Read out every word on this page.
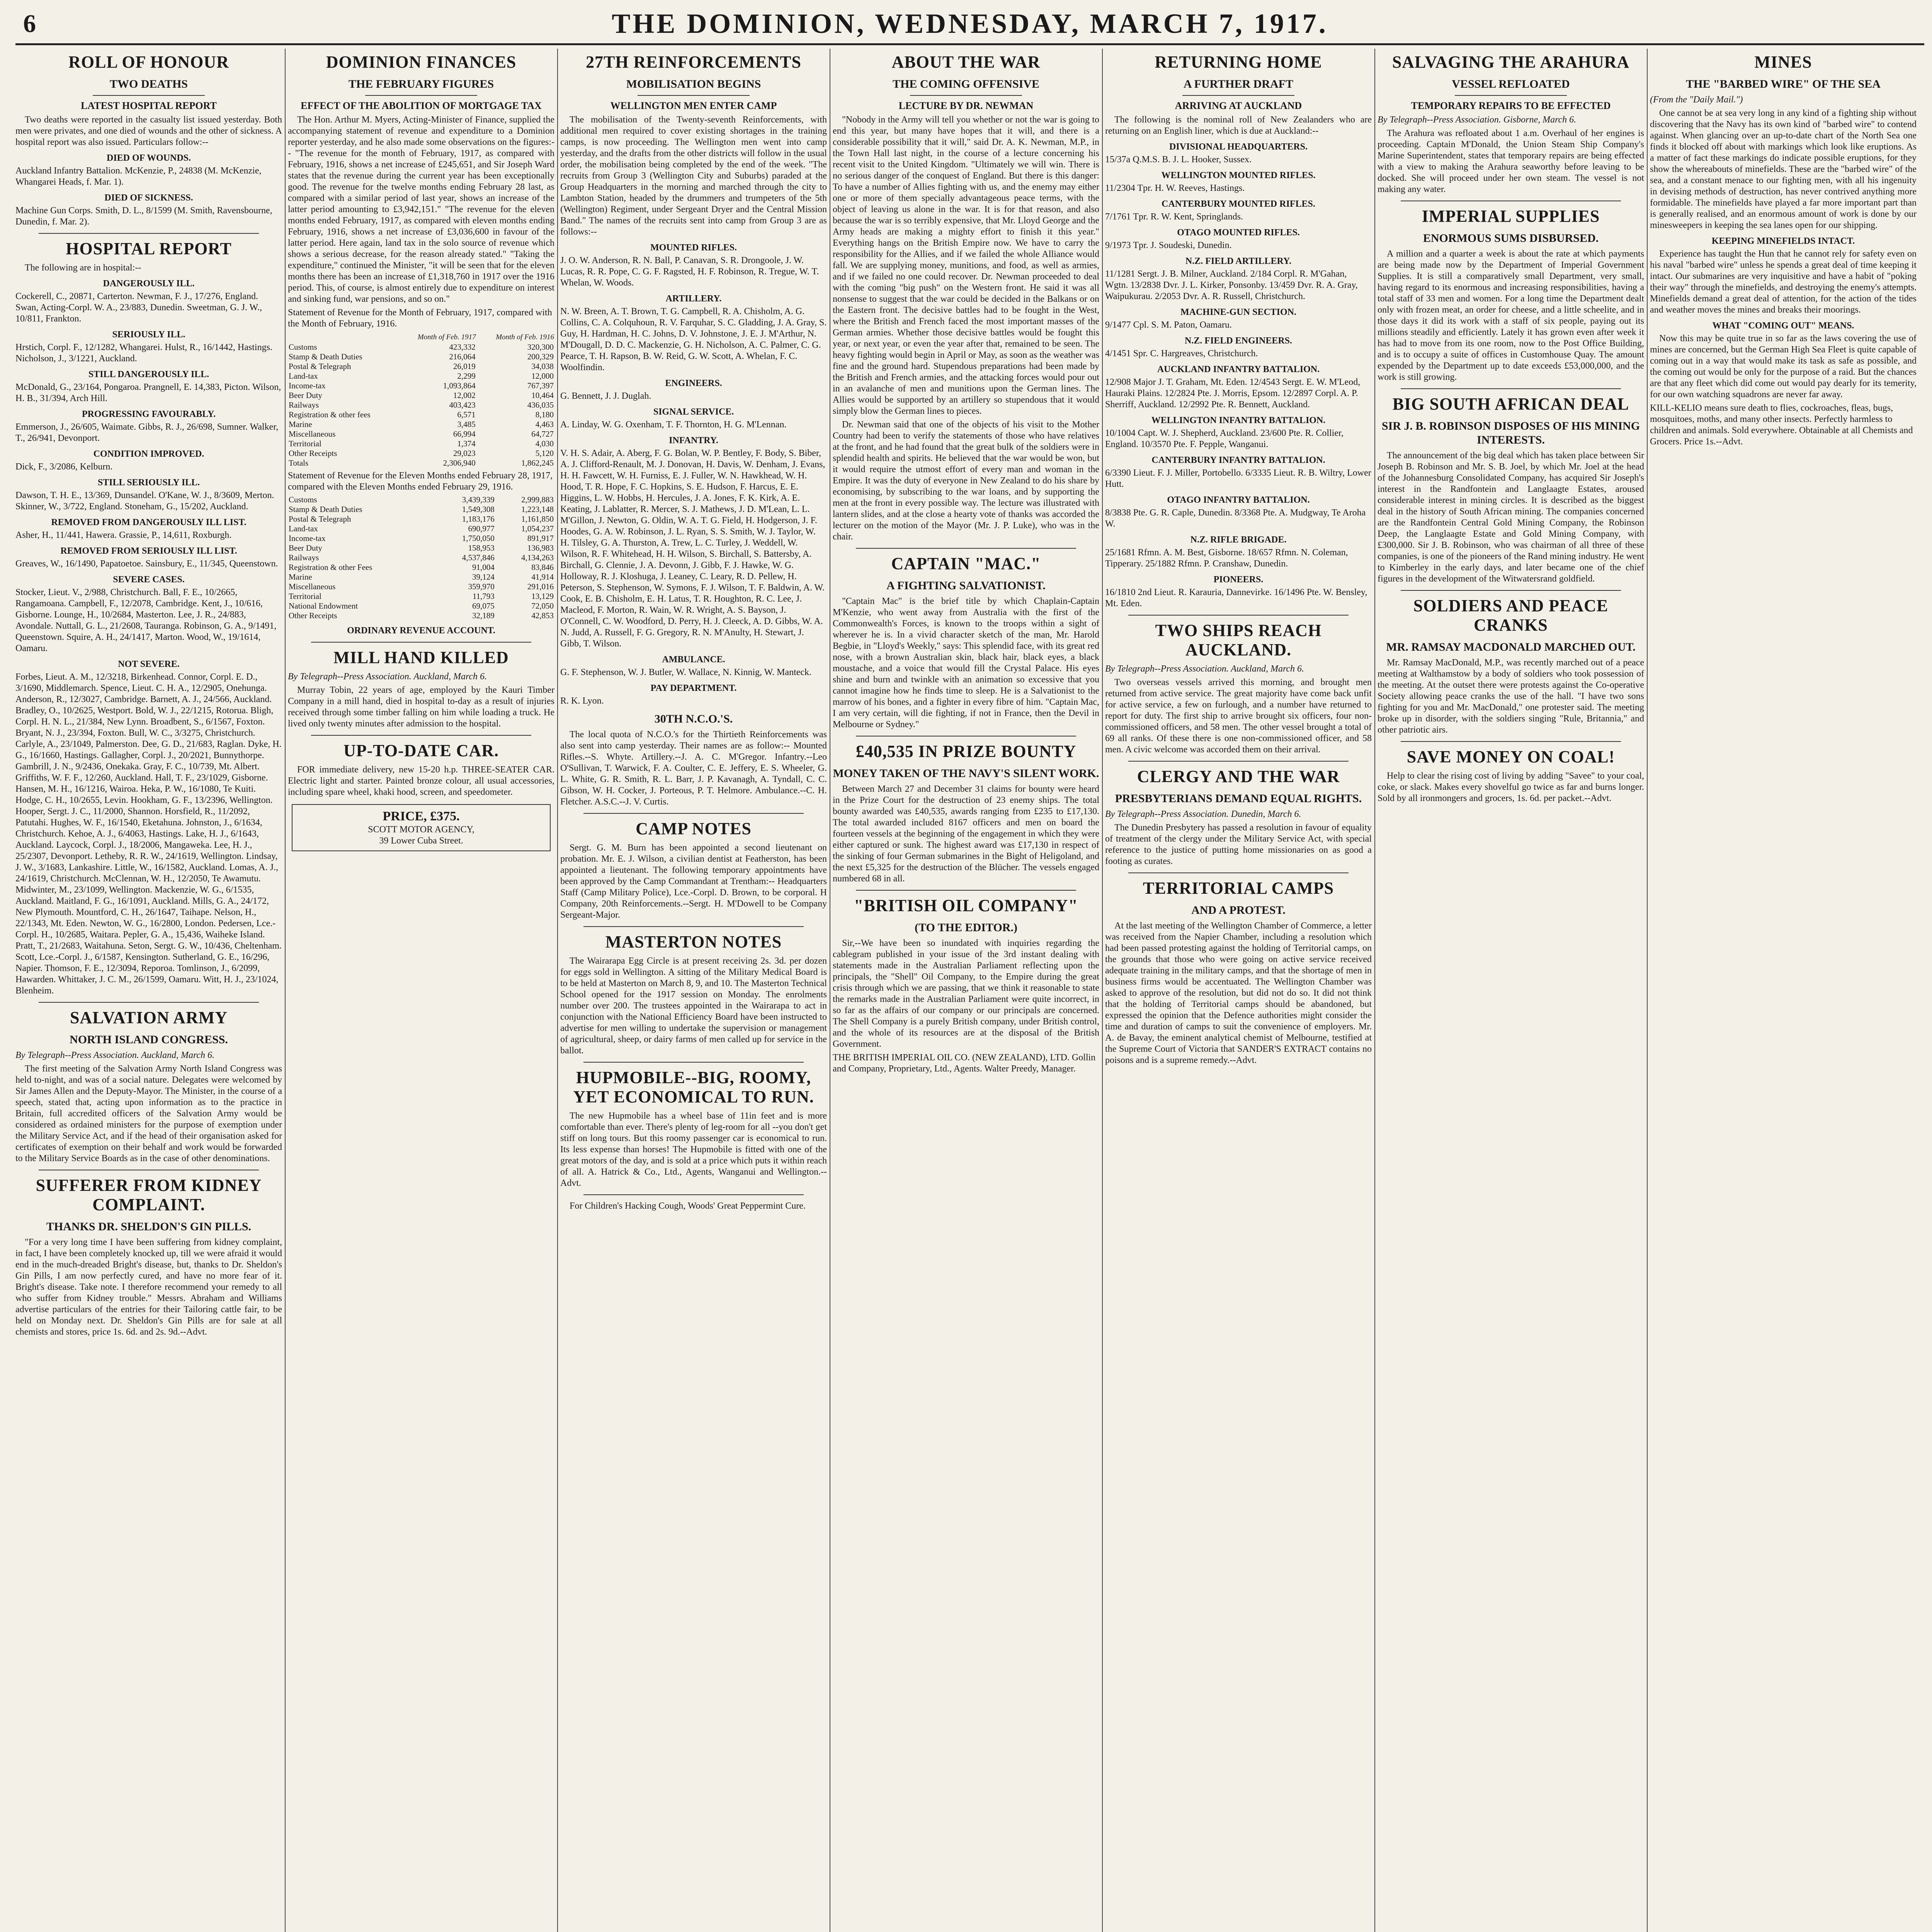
6	THE DOMINION, WEDNESDAY, MARCH 7, 1917.
ROLL OF HONOUR
TWO DEATHS
LATEST HOSPITAL REPORT

Two deaths were reported in the casualty list issued yesterday. Both men were privates, and one died of wounds and the other of sickness. A hospital report was also issued. Particulars follow:--

DIED OF WOUNDS.

Auckland Infantry Battalion. McKenzie, P., 24838 (M. McKenzie, Whangarei Heads, f. Mar. 1).

DIED OF SICKNESS.

Machine Gun Corps. Smith, D. L., 8/1599 (M. Smith, Ravensbourne, Dunedin, f. Mar. 2).

HOSPITAL REPORT

The following are in hospital:--

DANGEROUSLY ILL.

Cockerell, C., 20871, Carterton. Newman, F. J., 17/276, England. Swan, Acting-Corpl. W. A., 23/883, Dunedin. Sweetman, G. J. W., 10/811, Frankton.

SERIOUSLY ILL.

Hrstich, Corpl. F., 12/1282, Whangarei. Hulst, R., 16/1442, Hastings. Nicholson, J., 3/1221, Auckland.

STILL DANGEROUSLY ILL.

McDonald, G., 23/164, Pongaroa. Prangnell, E. 14,383, Picton. Wilson, H. B., 31/394, Arch Hill.

PROGRESSING FAVOURABLY.

Emmerson, J., 26/605, Waimate. Gibbs, R. J., 26/698, Sumner. Walker, T., 26/941, Devonport.

CONDITION IMPROVED.

Dick, F., 3/2086, Kelburn.

STILL SERIOUSLY ILL.

Dawson, T. H. E., 13/369, Dunsandel. O'Kane, W. J., 8/3609, Merton. Skinner, W., 3/722, England. Stoneham, G., 15/202, Auckland.

REMOVED FROM DANGEROUSLY ILL LIST.

Asher, H., 11/441, Hawera. Grassie, P., 14,611, Roxburgh.

REMOVED FROM SERIOUSLY ILL LIST.

Greaves, W., 16/1490, Papatoetoe. Sainsbury, E., 11/345, Queenstown.

SEVERE CASES.

Stocker, Lieut. V., 2/988, Christchurch. Ball, F. E., 10/2665, Rangamoana. Campbell, F., 12/2078, Cambridge. Kent, J., 10/616, Gisborne. Lounge, H., 10/2684, Masterton. Lee, J. R., 24/883, Avondale. Nuttall, G. L., 21/2608, Tauranga. Robinson, G. A., 9/1491, Queenstown. Squire, A. H., 24/1417, Marton. Wood, W., 19/1614, Oamaru.

NOT SEVERE.

Forbes, Lieut. A. M., 12/3218, Birkenhead. Connor, Corpl. E. D., 3/1690, Middlemarch. Spence, Lieut. C. H. A., 12/2905, Onehunga. Anderson, R., 12/3027, Cambridge. Barnett, A. J., 24/566, Auckland. Bradley, O., 10/2625, Westport. Bold, W. J., 22/1215, Rotorua. Bligh, Corpl. H. N. L., 21/384, New Lynn. Broadbent, S., 6/1567, Foxton. Bryant, N. J., 23/394, Foxton. Bull, W. C., 3/3275, Christchurch. Carlyle, A., 23/1049, Palmerston. Dee, G. D., 21/683, Raglan. Dyke, H. G., 16/1660, Hastings. Gallagher, Corpl. J., 20/2021, Bunnythorpe. Gambrill, J. N., 9/2436, Onekaka. Gray, F. C., 10/739, Mt. Albert. Griffiths, W. F. F., 12/260, Auckland. Hall, T. F., 23/1029, Gisborne. Hansen, M. H., 16/1216, Wairoa. Heka, P. W., 16/1080, Te Kuiti. Hodge, C. H., 10/2655, Levin. Hookham, G. F., 13/2396, Wellington. Hooper, Sergt. J. C., 11/2000, Shannon. Horsfield, R., 11/2092, Patutahi. Hughes, W. F., 16/1540, Eketahuna. Johnston, J., 6/1634, Christchurch. Kehoe, A. J., 6/4063, Hastings. Lake, H. J., 6/1643, Auckland. Laycock, Corpl. J., 18/2006, Mangaweka. Lee, H. J., 25/2307, Devonport. Letheby, R. R. W., 24/1619, Wellington. Lindsay, J. W., 3/1683, Lankashire. Little, W., 16/1582, Auckland. Lomas, A. J., 24/1619, Christchurch. McClennan, W. H., 12/2050, Te Awamutu. Midwinter, M., 23/1099, Wellington. Mackenzie, W. G., 6/1535, Auckland. Maitland, F. G., 16/1091, Auckland. Mills, G. A., 24/172, New Plymouth. Mountford, C. H., 26/1647, Taihape. Nelson, H., 22/1343, Mt. Eden. Newton, W. G., 16/2800, London. Pedersen, Lce.-Corpl. H., 10/2685, Waitara. Pepler, G. A., 15,436, Waiheke Island. Pratt, T., 21/2683, Waitahuna. Seton, Sergt. G. W., 10/436, Cheltenham. Scott, Lce.-Corpl. J., 6/1587, Kensington. Sutherland, G. E., 16/296, Napier. Thomson, F. E., 12/3094, Reporoa. Tomlinson, J., 6/2099, Hawarden. Whittaker, J. C. M., 26/1599, Oamaru. Witt, H. J., 23/1024, Blenheim.

SALVATION ARMY
NORTH ISLAND CONGRESS.

By Telegraph--Press Association. Auckland, March 6.

The first meeting of the Salvation Army North Island Congress was held to-night, and was of a social nature. Delegates were welcomed by Sir James Allen and the Deputy-Mayor. The Minister, in the course of a speech, stated that, acting upon information as to the practice in Britain, full accredited officers of the Salvation Army would be considered as ordained ministers for the purpose of exemption under the Military Service Act, and if the head of their organisation asked for certificates of exemption on their behalf and work would be forwarded to the Military Service Boards as in the case of other denominations.

SUFFERER FROM KIDNEY COMPLAINT.
THANKS DR. SHELDON'S GIN PILLS.

"For a very long time I have been suffering from kidney complaint, in fact, I have been completely knocked up, till we were afraid it would end in the much-dreaded Bright's disease, but, thanks to Dr. Sheldon's Gin Pills, I am now perfectly cured, and have no more fear of it. Bright's disease. Take note. I therefore recommend your remedy to all who suffer from Kidney trouble." Messrs. Abraham and Williams advertise particulars of the entries for their Tailoring cattle fair, to be held on Monday next. Dr. Sheldon's Gin Pills are for sale at all chemists and stores, price 1s. 6d. and 2s. 9d.--Advt.

DOMINION FINANCES
THE FEBRUARY FIGURES
EFFECT OF THE ABOLITION OF MORTGAGE TAX

The Hon. Arthur M. Myers, Acting-Minister of Finance, supplied the accompanying statement of revenue and expenditure to a Dominion reporter yesterday, and he also made some observations on the figures:-- "The revenue for the month of February, 1917, as compared with February, 1916, shows a net increase of £245,651, and Sir Joseph Ward states that the revenue during the current year has been exceptionally good. The revenue for the twelve months ending February 28 last, as compared with a similar period of last year, shows an increase of the latter period amounting to £3,942,151." "The revenue for the eleven months ended February, 1917, as compared with eleven months ending February, 1916, shows a net increase of £3,036,600 in favour of the latter period. Here again, land tax in the solo source of revenue which shows a serious decrease, for the reason already stated." "Taking the expenditure," continued the Minister, "it will be seen that for the eleven months there has been an increase of £1,318,760 in 1917 over the 1916 period. This, of course, is almost entirely due to expenditure on interest and sinking fund, war pensions, and so on."

Statement of Revenue for the Month of February, 1917, compared with the Month of February, 1916.

	Month of Feb. 1917	Month of Feb. 1916
Customs	423,332	320,300
Stamp & Death Duties	216,064	200,329
Postal & Telegraph	26,019	34,038
Land-tax	2,299	12,000
Income-tax	1,093,864	767,397
Beer Duty	12,002	10,464
Railways	403,423	436,035
Registration & other fees	6,571	8,180
Marine	3,485	4,463
Miscellaneous	66,994	64,727
Territorial	1,374	4,030
Other Receipts	29,023	5,120
Totals	2,306,940	1,862,245

Statement of Revenue for the Eleven Months ended February 28, 1917, compared with the Eleven Months ended February 29, 1916.

Customs	3,439,339	2,999,883
Stamp & Death Duties	1,549,308	1,223,148
Postal & Telegraph	1,183,176	1,161,850
Land-tax	690,977	1,054,237
Income-tax	1,750,050	891,917
Beer Duty	158,953	136,983
Railways	4,537,846	4,134,263
Registration & other Fees	91,004	83,846
Marine	39,124	41,914
Miscellaneous	359,970	291,016
Territorial	11,793	13,129
National Endowment	69,075	72,050
Other Receipts	32,189	42,853
ORDINARY REVENUE ACCOUNT.
MILL HAND KILLED

By Telegraph--Press Association. Auckland, March 6.

Murray Tobin, 22 years of age, employed by the Kauri Timber Company in a mill hand, died in hospital to-day as a result of injuries received through some timber falling on him while loading a truck. He lived only twenty minutes after admission to the hospital.

UP-TO-DATE CAR.

FOR immediate delivery, new 15-20 h.p. THREE-SEATER CAR. Electric light and starter. Painted bronze colour, all usual accessories, including spare wheel, khaki hood, screen, and speedometer.

PRICE, £375.
SCOTT MOTOR AGENCY,
39 Lower Cuba Street.
27TH REINFORCEMENTS
MOBILISATION BEGINS
WELLINGTON MEN ENTER CAMP

The mobilisation of the Twenty-seventh Reinforcements, with additional men required to cover existing shortages in the training camps, is now proceeding. The Wellington men went into camp yesterday, and the drafts from the other districts will follow in the usual order, the mobilisation being completed by the end of the week. "The recruits from Group 3 (Wellington City and Suburbs) paraded at the Group Headquarters in the morning and marched through the city to Lambton Station, headed by the drummers and trumpeters of the 5th (Wellington) Regiment, under Sergeant Dryer and the Central Mission Band." The names of the recruits sent into camp from Group 3 are as follows:--

MOUNTED RIFLES.

J. O. W. Anderson, R. N. Ball, P. Canavan, S. R. Drongoole, J. W. Lucas, R. R. Pope, C. G. F. Ragsted, H. F. Robinson, R. Tregue, W. T. Whelan, W. Woods.

ARTILLERY.

N. W. Breen, A. T. Brown, T. G. Campbell, R. A. Chisholm, A. G. Collins, C. A. Colquhoun, R. V. Farquhar, S. C. Gladding, J. A. Gray, S. Guy, H. Hardman, H. C. Johns, D. V. Johnstone, J. E. J. M'Arthur, N. M'Dougall, D. D. C. Mackenzie, G. H. Nicholson, A. C. Palmer, C. G. Pearce, T. H. Rapson, B. W. Reid, G. W. Scott, A. Whelan, F. C. Woolfindin.

ENGINEERS.

G. Bennett, J. J. Duglah.

SIGNAL SERVICE.

A. Linday, W. G. Oxenham, T. F. Thornton, H. G. M'Lennan.

INFANTRY.

V. H. S. Adair, A. Aberg, F. G. Bolan, W. P. Bentley, F. Body, S. Biber, A. J. Clifford-Renault, M. J. Donovan, H. Davis, W. Denham, J. Evans, H. H. Fawcett, W. H. Furniss, E. J. Fuller, W. N. Hawkhead, W. H. Hood, T. R. Hope, F. C. Hopkins, S. E. Hudson, F. Harcus, E. E. Higgins, L. W. Hobbs, H. Hercules, J. A. Jones, F. K. Kirk, A. E. Keating, J. Lablatter, R. Mercer, S. J. Mathews, J. D. M'Lean, L. L. M'Gillon, J. Newton, G. Oldin, W. A. T. G. Field, H. Hodgerson, J. F. Hoodes, G. A. W. Robinson, J. L. Ryan, S. S. Smith, W. J. Taylor, W. H. Tilsley, G. A. Thurston, A. Trew, L. C. Turley, J. Weddell, W. Wilson, R. F. Whitehead, H. H. Wilson, S. Birchall, S. Battersby, A. Birchall, G. Clennie, J. A. Devonn, J. Gibb, F. J. Hawke, W. G. Holloway, R. J. Kloshuga, J. Leaney, C. Leary, R. D. Pellew, H. Peterson, S. Stephenson, W. Symons, F. J. Wilson, T. F. Baldwin, A. W. Cook, E. B. Chisholm, E. H. Latus, T. R. Houghton, R. C. Lee, J. Macleod, F. Morton, R. Wain, W. R. Wright, A. S. Bayson, J. O'Connell, C. W. Woodford, D. Perry, H. J. Cleeck, A. D. Gibbs, W. A. N. Judd, A. Russell, F. G. Gregory, R. N. M'Anulty, H. Stewart, J. Gibb, T. Wilson.

AMBULANCE.

G. F. Stephenson, W. J. Butler, W. Wallace, N. Kinnig, W. Manteck.

PAY DEPARTMENT.

R. K. Lyon.

30TH N.C.O.'S.

The local quota of N.C.O.'s for the Thirtieth Reinforcements was also sent into camp yesterday. Their names are as follow:-- Mounted Rifles.--S. Whyte. Artillery.--J. A. C. M'Gregor. Infantry.--Leo O'Sullivan, T. Warwick, F. A. Coulter, C. E. Jeffery, E. S. Wheeler, G. L. White, G. R. Smith, R. L. Barr, J. P. Kavanagh, A. Tyndall, C. C. Gibson, W. H. Cocker, J. Porteous, P. T. Helmore. Ambulance.--C. H. Fletcher. A.S.C.--J. V. Curtis.

CAMP NOTES

Sergt. G. M. Burn has been appointed a second lieutenant on probation. Mr. E. J. Wilson, a civilian dentist at Featherston, has been appointed a lieutenant. The following temporary appointments have been approved by the Camp Commandant at Trentham:-- Headquarters Staff (Camp Military Police), Lce.-Corpl. D. Brown, to be corporal. H Company, 20th Reinforcements.--Sergt. H. M'Dowell to be Company Sergeant-Major.

MASTERTON NOTES

The Wairarapa Egg Circle is at present receiving 2s. 3d. per dozen for eggs sold in Wellington. A sitting of the Military Medical Board is to be held at Masterton on March 8, 9, and 10. The Masterton Technical School opened for the 1917 session on Monday. The enrolments number over 200. The trustees appointed in the Wairarapa to act in conjunction with the National Efficiency Board have been instructed to advertise for men willing to undertake the supervision or management of agricultural, sheep, or dairy farms of men called up for service in the ballot.

HUPMOBILE--BIG, ROOMY, YET ECONOMICAL TO RUN.

The new Hupmobile has a wheel base of 11in feet and is more comfortable than ever. There's plenty of leg-room for all --you don't get stiff on long tours. But this roomy passenger car is economical to run. Its less expense than horses! The Hupmobile is fitted with one of the great motors of the day, and is sold at a price which puts it within reach of all. A. Hatrick & Co., Ltd., Agents, Wanganui and Wellington.--Advt.

For Children's Hacking Cough, Woods' Great Peppermint Cure.

ABOUT THE WAR
THE COMING OFFENSIVE
LECTURE BY DR. NEWMAN

"Nobody in the Army will tell you whether or not the war is going to end this year, but many have hopes that it will, and there is a considerable possibility that it will," said Dr. A. K. Newman, M.P., in the Town Hall last night, in the course of a lecture concerning his recent visit to the United Kingdom. "Ultimately we will win. There is no serious danger of the conquest of England. But there is this danger: To have a number of Allies fighting with us, and the enemy may either one or more of them specially advantageous peace terms, with the object of leaving us alone in the war. It is for that reason, and also because the war is so terribly expensive, that Mr. Lloyd George and the Army heads are making a mighty effort to finish it this year." Everything hangs on the British Empire now. We have to carry the responsibility for the Allies, and if we failed the whole Alliance would fall. We are supplying money, munitions, and food, as well as armies, and if we failed no one could recover. Dr. Newman proceeded to deal with the coming "big push" on the Western front. He said it was all nonsense to suggest that the war could be decided in the Balkans or on the Eastern front. The decisive battles had to be fought in the West, where the British and French faced the most important masses of the German armies. Whether those decisive battles would be fought this year, or next year, or even the year after that, remained to be seen. The heavy fighting would begin in April or May, as soon as the weather was fine and the ground hard. Stupendous preparations had been made by the British and French armies, and the attacking forces would pour out in an avalanche of men and munitions upon the German lines. The Allies would be supported by an artillery so stupendous that it would simply blow the German lines to pieces.

Dr. Newman said that one of the objects of his visit to the Mother Country had been to verify the statements of those who have relatives at the front, and he had found that the great bulk of the soldiers were in splendid health and spirits. He believed that the war would be won, but it would require the utmost effort of every man and woman in the Empire. It was the duty of everyone in New Zealand to do his share by economising, by subscribing to the war loans, and by supporting the men at the front in every possible way. The lecture was illustrated with lantern slides, and at the close a hearty vote of thanks was accorded the lecturer on the motion of the Mayor (Mr. J. P. Luke), who was in the chair.

CAPTAIN "MAC."
A FIGHTING SALVATIONIST.

"Captain Mac" is the brief title by which Chaplain-Captain M'Kenzie, who went away from Australia with the first of the Commonwealth's Forces, is known to the troops within a sight of wherever he is. In a vivid character sketch of the man, Mr. Harold Begbie, in "Lloyd's Weekly," says: This splendid face, with its great red nose, with a brown Australian skin, black hair, black eyes, a black moustache, and a voice that would fill the Crystal Palace. His eyes shine and burn and twinkle with an animation so excessive that you cannot imagine how he finds time to sleep. He is a Salvationist to the marrow of his bones, and a fighter in every fibre of him. "Captain Mac, I am very certain, will die fighting, if not in France, then the Devil in Melbourne or Sydney."

£40,535 IN PRIZE BOUNTY
MONEY TAKEN OF THE NAVY'S SILENT WORK.

Between March 27 and December 31 claims for bounty were heard in the Prize Court for the destruction of 23 enemy ships. The total bounty awarded was £40,535, awards ranging from £235 to £17,130. The total awarded included 8167 officers and men on board the fourteen vessels at the beginning of the engagement in which they were either captured or sunk. The highest award was £17,130 in respect of the sinking of four German submarines in the Bight of Heligoland, and the next £5,325 for the destruction of the Blücher. The vessels engaged numbered 68 in all.

"BRITISH OIL COMPANY"
(TO THE EDITOR.)

Sir,--We have been so inundated with inquiries regarding the cablegram published in your issue of the 3rd instant dealing with statements made in the Australian Parliament reflecting upon the principals, the "Shell" Oil Company, to the Empire during the great crisis through which we are passing, that we think it reasonable to state the remarks made in the Australian Parliament were quite incorrect, in so far as the affairs of our company or our principals are concerned. The Shell Company is a purely British company, under British control, and the whole of its resources are at the disposal of the British Government.

THE BRITISH IMPERIAL OIL CO. (NEW ZEALAND), LTD. Gollin and Company, Proprietary, Ltd., Agents. Walter Preedy, Manager.

RETURNING HOME
A FURTHER DRAFT
ARRIVING AT AUCKLAND

The following is the nominal roll of New Zealanders who are returning on an English liner, which is due at Auckland:--

DIVISIONAL HEADQUARTERS.

15/37a Q.M.S. B. J. L. Hooker, Sussex.

WELLINGTON MOUNTED RIFLES.

11/2304 Tpr. H. W. Reeves, Hastings.

CANTERBURY MOUNTED RIFLES.

7/1761 Tpr. R. W. Kent, Springlands.

OTAGO MOUNTED RIFLES.

9/1973 Tpr. J. Soudeski, Dunedin.

N.Z. FIELD ARTILLERY.

11/1281 Sergt. J. B. Milner, Auckland. 2/184 Corpl. R. M'Gahan, Wgtn. 13/2838 Dvr. J. L. Kirker, Ponsonby. 13/459 Dvr. R. A. Gray, Waipukurau. 2/2053 Dvr. A. R. Russell, Christchurch.

MACHINE-GUN SECTION.

9/1477 Cpl. S. M. Paton, Oamaru.

N.Z. FIELD ENGINEERS.

4/1451 Spr. C. Hargreaves, Christchurch.

AUCKLAND INFANTRY BATTALION.

12/908 Major J. T. Graham, Mt. Eden. 12/4543 Sergt. E. W. M'Leod, Hauraki Plains. 12/2824 Pte. J. Morris, Epsom. 12/2897 Corpl. A. P. Sherriff, Auckland. 12/2992 Pte. R. Bennett, Auckland.

WELLINGTON INFANTRY BATTALION.

10/1004 Capt. W. J. Shepherd, Auckland. 23/600 Pte. R. Collier, England. 10/3570 Pte. F. Pepple, Wanganui.

CANTERBURY INFANTRY BATTALION.

6/3390 Lieut. F. J. Miller, Portobello. 6/3335 Lieut. R. B. Wiltry, Lower Hutt.

OTAGO INFANTRY BATTALION.

8/3838 Pte. G. R. Caple, Dunedin. 8/3368 Pte. A. Mudgway, Te Aroha W.

N.Z. RIFLE BRIGADE.

25/1681 Rfmn. A. M. Best, Gisborne. 18/657 Rfmn. N. Coleman, Tipperary. 25/1882 Rfmn. P. Cranshaw, Dunedin.

PIONEERS.

16/1810 2nd Lieut. R. Karauria, Dannevirke. 16/1496 Pte. W. Bensley, Mt. Eden.

TWO SHIPS REACH AUCKLAND.

By Telegraph--Press Association. Auckland, March 6.

Two overseas vessels arrived this morning, and brought men returned from active service. The great majority have come back unfit for active service, a few on furlough, and a number have returned to report for duty. The first ship to arrive brought six officers, four non-commissioned officers, and 58 men. The other vessel brought a total of 69 all ranks. Of these there is one non-commissioned officer, and 58 men. A civic welcome was accorded them on their arrival.

CLERGY AND THE WAR
PRESBYTERIANS DEMAND EQUAL RIGHTS.

By Telegraph--Press Association. Dunedin, March 6.

The Dunedin Presbytery has passed a resolution in favour of equality of treatment of the clergy under the Military Service Act, with special reference to the justice of putting home missionaries on as good a footing as curates.

TERRITORIAL CAMPS
AND A PROTEST.

At the last meeting of the Wellington Chamber of Commerce, a letter was received from the Napier Chamber, including a resolution which had been passed protesting against the holding of Territorial camps, on the grounds that those who were going on active service received adequate training in the military camps, and that the shortage of men in business firms would be accentuated. The Wellington Chamber was asked to approve of the resolution, but did not do so. It did not think that the holding of Territorial camps should be abandoned, but expressed the opinion that the Defence authorities might consider the time and duration of camps to suit the convenience of employers. Mr. A. de Bavay, the eminent analytical chemist of Melbourne, testified at the Supreme Court of Victoria that SANDER'S EXTRACT contains no poisons and is a supreme remedy.--Advt.

SALVAGING THE ARAHURA
VESSEL REFLOATED
TEMPORARY REPAIRS TO BE EFFECTED

By Telegraph--Press Association. Gisborne, March 6.

The Arahura was refloated about 1 a.m. Overhaul of her engines is proceeding. Captain M'Donald, the Union Steam Ship Company's Marine Superintendent, states that temporary repairs are being effected with a view to making the Arahura seaworthy before leaving to be docked. She will proceed under her own steam. The vessel is not making any water.

IMPERIAL SUPPLIES
ENORMOUS SUMS DISBURSED.

A million and a quarter a week is about the rate at which payments are being made now by the Department of Imperial Government Supplies. It is still a comparatively small Department, very small, having regard to its enormous and increasing responsibilities, having a total staff of 33 men and women. For a long time the Department dealt only with frozen meat, an order for cheese, and a little scheelite, and in those days it did its work with a staff of six people, paying out its millions steadily and efficiently. Lately it has grown even after week it has had to move from its one room, now to the Post Office Building, and is to occupy a suite of offices in Customhouse Quay. The amount expended by the Department up to date exceeds £53,000,000, and the work is still growing.

BIG SOUTH AFRICAN DEAL
SIR J. B. ROBINSON DISPOSES OF HIS MINING INTERESTS.

The announcement of the big deal which has taken place between Sir Joseph B. Robinson and Mr. S. B. Joel, by which Mr. Joel at the head of the Johannesburg Consolidated Company, has acquired Sir Joseph's interest in the Randfontein and Langlaagte Estates, aroused considerable interest in mining circles. It is described as the biggest deal in the history of South African mining. The companies concerned are the Randfontein Central Gold Mining Company, the Robinson Deep, the Langlaagte Estate and Gold Mining Company, with £300,000. Sir J. B. Robinson, who was chairman of all three of these companies, is one of the pioneers of the Rand mining industry. He went to Kimberley in the early days, and later became one of the chief figures in the development of the Witwatersrand goldfield.

SOLDIERS AND PEACE CRANKS
MR. RAMSAY MACDONALD MARCHED OUT.

Mr. Ramsay MacDonald, M.P., was recently marched out of a peace meeting at Walthamstow by a body of soldiers who took possession of the meeting. At the outset there were protests against the Co-operative Society allowing peace cranks the use of the hall. "I have two sons fighting for you and Mr. MacDonald," one protester said. The meeting broke up in disorder, with the soldiers singing "Rule, Britannia," and other patriotic airs.

SAVE MONEY ON COAL!

Help to clear the rising cost of living by adding "Savee" to your coal, coke, or slack. Makes every shovelful go twice as far and burns longer. Sold by all ironmongers and grocers, 1s. 6d. per packet.--Advt.

MINES
THE "BARBED WIRE" OF THE SEA

(From the "Daily Mail.")

One cannot be at sea very long in any kind of a fighting ship without discovering that the Navy has its own kind of "barbed wire" to contend against. When glancing over an up-to-date chart of the North Sea one finds it blocked off about with markings which look like eruptions. As a matter of fact these markings do indicate possible eruptions, for they show the whereabouts of minefields. These are the "barbed wire" of the sea, and a constant menace to our fighting men, with all his ingenuity in devising methods of destruction, has never contrived anything more formidable. The minefields have played a far more important part than is generally realised, and an enormous amount of work is done by our minesweepers in keeping the sea lanes open for our shipping.

KEEPING MINEFIELDS INTACT.

Experience has taught the Hun that he cannot rely for safety even on his naval "barbed wire" unless he spends a great deal of time keeping it intact. Our submarines are very inquisitive and have a habit of "poking their way" through the minefields, and destroying the enemy's attempts. Minefields demand a great deal of attention, for the action of the tides and weather moves the mines and breaks their moorings.

WHAT "COMING OUT" MEANS.

Now this may be quite true in so far as the laws covering the use of mines are concerned, but the German High Sea Fleet is quite capable of coming out in a way that would make its task as safe as possible, and the coming out would be only for the purpose of a raid. But the chances are that any fleet which did come out would pay dearly for its temerity, for our own watching squadrons are never far away.

KILL-KELIO means sure death to flies, cockroaches, fleas, bugs, mosquitoes, moths, and many other insects. Perfectly harmless to children and animals. Sold everywhere. Obtainable at all Chemists and Grocers. Price 1s.--Advt.
